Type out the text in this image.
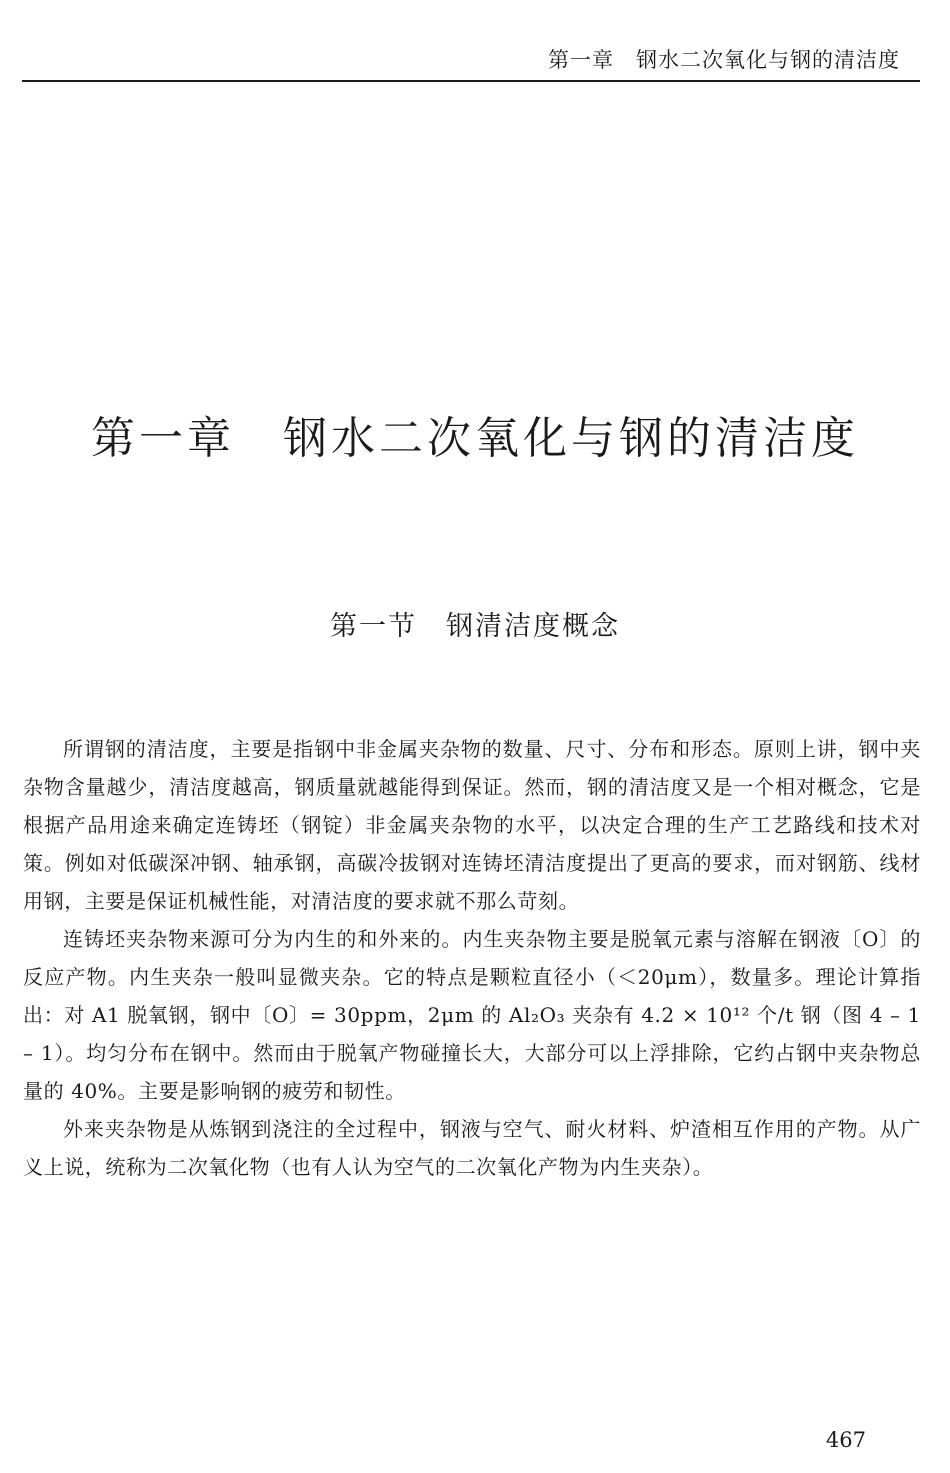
第一章　钢水二次氧化与钢的清洁度
第一章　钢水二次氧化与钢的清洁度
第一节　钢清洁度概念

所谓钢的清洁度，主要是指钢中非金属夹杂物的数量、尺寸、分布和形态。原则上讲，钢中夹杂物含量越少，清洁度越高，钢质量就越能得到保证。然而，钢的清洁度又是一个相对概念，它是根据产品用途来确定连铸坯（钢锭）非金属夹杂物的水平，以决定合理的生产工艺路线和技术对策。例如对低碳深冲钢、轴承钢，高碳冷拔钢对连铸坯清洁度提出了更高的要求，而对钢筋、线材用钢，主要是保证机械性能，对清洁度的要求就不那么苛刻。

连铸坯夹杂物来源可分为内生的和外来的。内生夹杂物主要是脱氧元素与溶解在钢液〔O〕的反应产物。内生夹杂一般叫显微夹杂。它的特点是颗粒直径小（＜20μm），数量多。理论计算指出：对 A1 脱氧钢，钢中〔O〕= 30ppm，2μm 的 Al₂O₃ 夹杂有 4.2 × 10¹² 个/t 钢（图 4 – 1 – 1）。均匀分布在钢中。然而由于脱氧产物碰撞长大，大部分可以上浮排除，它约占钢中夹杂物总量的 40%。主要是影响钢的疲劳和韧性。

外来夹杂物是从炼钢到浇注的全过程中，钢液与空气、耐火材料、炉渣相互作用的产物。从广义上说，统称为二次氧化物（也有人认为空气的二次氧化产物为内生夹杂）。

467
